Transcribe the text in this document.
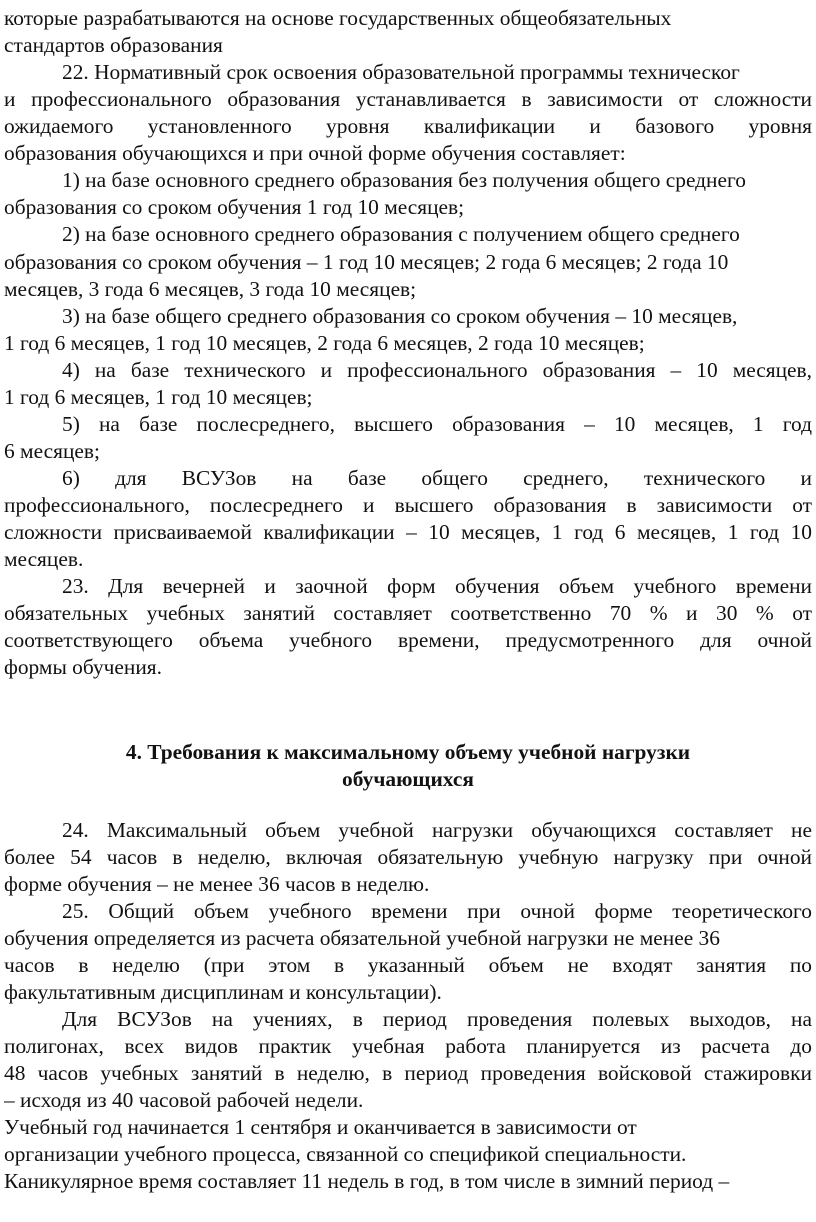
которые разрабатываются на основе государственных общеобязательных
стандартов образования
22. Нормативный срок освоения образовательной программы техническог
и профессионального образования устанавливается в зависимости от сложности
ожидаемого установленного уровня квалификации и базового уровня
образования обучающихся и при очной форме обучения составляет:
1) на базе основного среднего образования без получения общего среднего
образования со сроком обучения 1 год 10 месяцев;
2) на базе основного среднего образования с получением общего среднего
образования со сроком обучения – 1 год 10 месяцев; 2 года 6 месяцев; 2 года 10
месяцев, 3 года 6 месяцев, 3 года 10 месяцев;
3) на базе общего среднего образования со сроком обучения – 10 месяцев,
1 год 6 месяцев, 1 год 10 месяцев, 2 года 6 месяцев, 2 года 10 месяцев;
4) на базе технического и профессионального образования – 10 месяцев,
1 год 6 месяцев, 1 год 10 месяцев;
5) на базе послесреднего, высшего образования – 10 месяцев, 1 год
6 месяцев;
6) для ВСУЗов на базе общего среднего, технического и
профессионального, послесреднего и высшего образования в зависимости от
сложности присваиваемой квалификации – 10 месяцев, 1 год 6 месяцев, 1 год 10
месяцев.
23. Для вечерней и заочной форм обучения объем учебного времени
обязательных учебных занятий составляет соответственно 70 % и 30 % от
соответствующего объема учебного времени, предусмотренного для очной
формы обучения.
4. Требования к максимальному объему учебной нагрузки
обучающихся
24. Максимальный объем учебной нагрузки обучающихся составляет не
более 54 часов в неделю, включая обязательную учебную нагрузку при очной
форме обучения – не менее 36 часов в неделю.
25. Общий объем учебного времени при очной форме теоретического
обучения определяется из расчета обязательной учебной нагрузки не менее 36
часов в неделю (при этом в указанный объем не входят занятия по
факультативным дисциплинам и консультации).
Для ВСУЗов на учениях, в период проведения полевых выходов, на
полигонах, всех видов практик учебная работа планируется из расчета до
48 часов учебных занятий в неделю, в период проведения войсковой стажировки
– исходя из 40 часовой рабочей недели.
Учебный год начинается 1 сентября и оканчивается в зависимости от
организации учебного процесса, связанной со спецификой специальности.
Каникулярное время составляет 11 недель в год, в том числе в зимний период –
